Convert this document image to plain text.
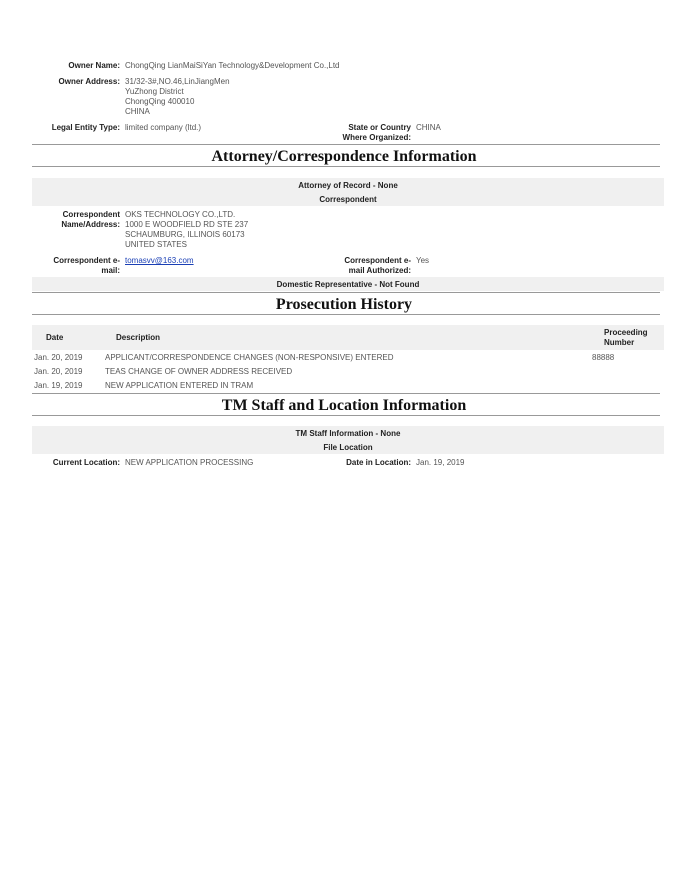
Owner Name: ChongQing LianMaiSiYan Technology&Development Co.,Ltd
Owner Address: 31/32-3#,NO.46,LinJiangMen
YuZhong District
ChongQing 400010
CHINA
Legal Entity Type: limited company (ltd.)	State or Country
Where Organized:
CHINA
Attorney/Correspondence Information
Attorney of Record - None
Correspondent
Correspondent
Name/Address:
OKS TECHNOLOGY CO.,LTD.
1000 E WOODFIELD RD STE 237
SCHAUMBURG, ILLINOIS 60173
UNITED STATES
Correspondent e-
mail:
tomasvv@163.com	Correspondent e-
mail Authorized:
Yes
Domestic Representative - Not Found
Prosecution History
Date	Description
Proceeding
Number
Jan. 20, 2019	APPLICANT/CORRESPONDENCE CHANGES (NON-RESPONSIVE) ENTERED	88888
Jan. 20, 2019	TEAS CHANGE OF OWNER ADDRESS RECEIVED
Jan. 19, 2019	NEW APPLICATION ENTERED IN TRAM
TM Staff and Location Information
TM Staff Information - None
File Location
Current Location: NEW APPLICATION PROCESSING	Date in Location: Jan. 19, 2019
